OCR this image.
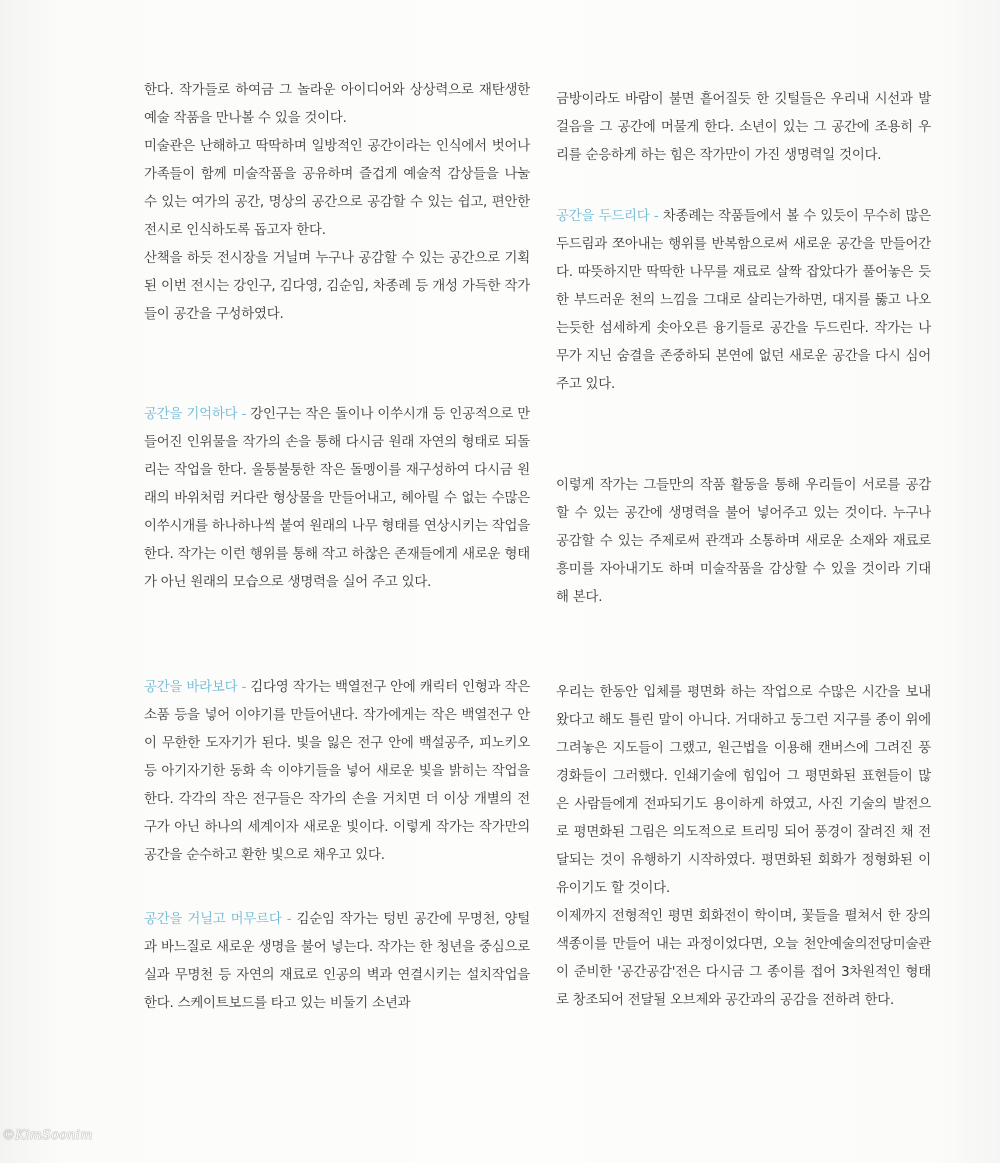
한다. 작가들로 하여금 그 놀라운 아이디어와 상상력으로 재탄생한 예술 작품을 만나볼 수 있을 것이다.

미술관은 난해하고 딱딱하며 일방적인 공간이라는 인식에서 벗어나 가족들이 함께 미술작품을 공유하며 즐겁게 예술적 감상들을 나눌 수 있는 여가의 공간, 명상의 공간으로 공감할 수 있는 쉽고, 편안한 전시로 인식하도록 돕고자 한다.

산책을 하듯 전시장을 거닐며 누구나 공감할 수 있는 공간으로 기획된 이번 전시는 강인구, 김다영, 김순임, 차종례 등 개성 가득한 작가들이 공간을 구성하였다.

공간을 기억하다 - 강인구는 작은 돌이나 이쑤시개 등 인공적으로 만들어진 인위물을 작가의 손을 통해 다시금 원래 자연의 형태로 되돌리는 작업을 한다. 울퉁불퉁한 작은 돌멩이를 재구성하여 다시금 원래의 바위처럼 커다란 형상물을 만들어내고, 헤아릴 수 없는 수많은 이쑤시개를 하나하나씩 붙여 원래의 나무 형태를 연상시키는 작업을 한다. 작가는 이런 행위를 통해 작고 하찮은 존재들에게 새로운 형태가 아닌 원래의 모습으로 생명력을 실어 주고 있다.

공간을 바라보다 - 김다영 작가는 백열전구 안에 캐릭터 인형과 작은 소품 등을 넣어 이야기를 만들어낸다. 작가에게는 작은 백열전구 안이 무한한 도자기가 된다. 빛을 잃은 전구 안에 백설공주, 피노키오 등 아기자기한 동화 속 이야기들을 넣어 새로운 빛을 밝히는 작업을 한다. 각각의 작은 전구들은 작가의 손을 거치면 더 이상 개별의 전구가 아닌 하나의 세계이자 새로운 빛이다. 이렇게 작가는 작가만의 공간을 순수하고 환한 빛으로 채우고 있다.

공간을 거닐고 머무르다 - 김순임 작가는 텅빈 공간에 무명천, 양털과 바느질로 새로운 생명을 불어 넣는다. 작가는 한 청년을 중심으로 실과 무명천 등 자연의 재료로 인공의 벽과 연결시키는 설치작업을 한다. 스케이트보드를 타고 있는 비둘기 소년과

금방이라도 바람이 불면 흩어질듯 한 깃털들은 우리내 시선과 발걸음을 그 공간에 머물게 한다. 소년이 있는 그 공간에 조용히 우리를 순응하게 하는 힘은 작가만이 가진 생명력일 것이다.

공간을 두드리다 - 차종례는 작품들에서 볼 수 있듯이 무수히 많은 두드림과 쪼아내는 행위를 반복함으로써 새로운 공간을 만들어간다. 따뜻하지만 딱딱한 나무를 재료로 살짝 잡았다가 풀어놓은 듯한 부드러운 천의 느낌을 그대로 살리는가하면, 대지를 뚫고 나오는듯한 섬세하게 솟아오른 융기들로 공간을 두드린다. 작가는 나무가 지닌 숨결을 존중하되 본연에 없던 새로운 공간을 다시 심어주고 있다.

이렇게 작가는 그들만의 작품 활동을 통해 우리들이 서로를 공감할 수 있는 공간에 생명력을 불어 넣어주고 있는 것이다. 누구나 공감할 수 있는 주제로써 관객과 소통하며 새로운 소재와 재료로 흥미를 자아내기도 하며 미술작품을 감상할 수 있을 것이라 기대해 본다.

우리는 한동안 입체를 평면화 하는 작업으로 수많은 시간을 보내왔다고 해도 틀린 말이 아니다. 거대하고 둥그런 지구를 종이 위에 그려놓은 지도들이 그랬고, 원근법을 이용해 캔버스에 그려진 풍경화들이 그러했다. 인쇄기술에 힘입어 그 평면화된 표현들이 많은 사람들에게 전파되기도 용이하게 하였고, 사진 기술의 발전으로 평면화된 그림은 의도적으로 트리밍 되어 풍경이 잘려진 채 전달되는 것이 유행하기 시작하였다. 평면화된 회화가 정형화된 이유이기도 할 것이다.

이제까지 전형적인 평면 회화전이 학이며, 꽃들을 펼쳐서 한 장의 색종이를 만들어 내는 과정이었다면, 오늘 천안예술의전당미술관이 준비한 '공간공감'전은 다시금 그 종이를 접어 3차원적인 형태로 창조되어 전달될 오브제와 공간과의 공감을 전하려 한다.

©KimSoonim
